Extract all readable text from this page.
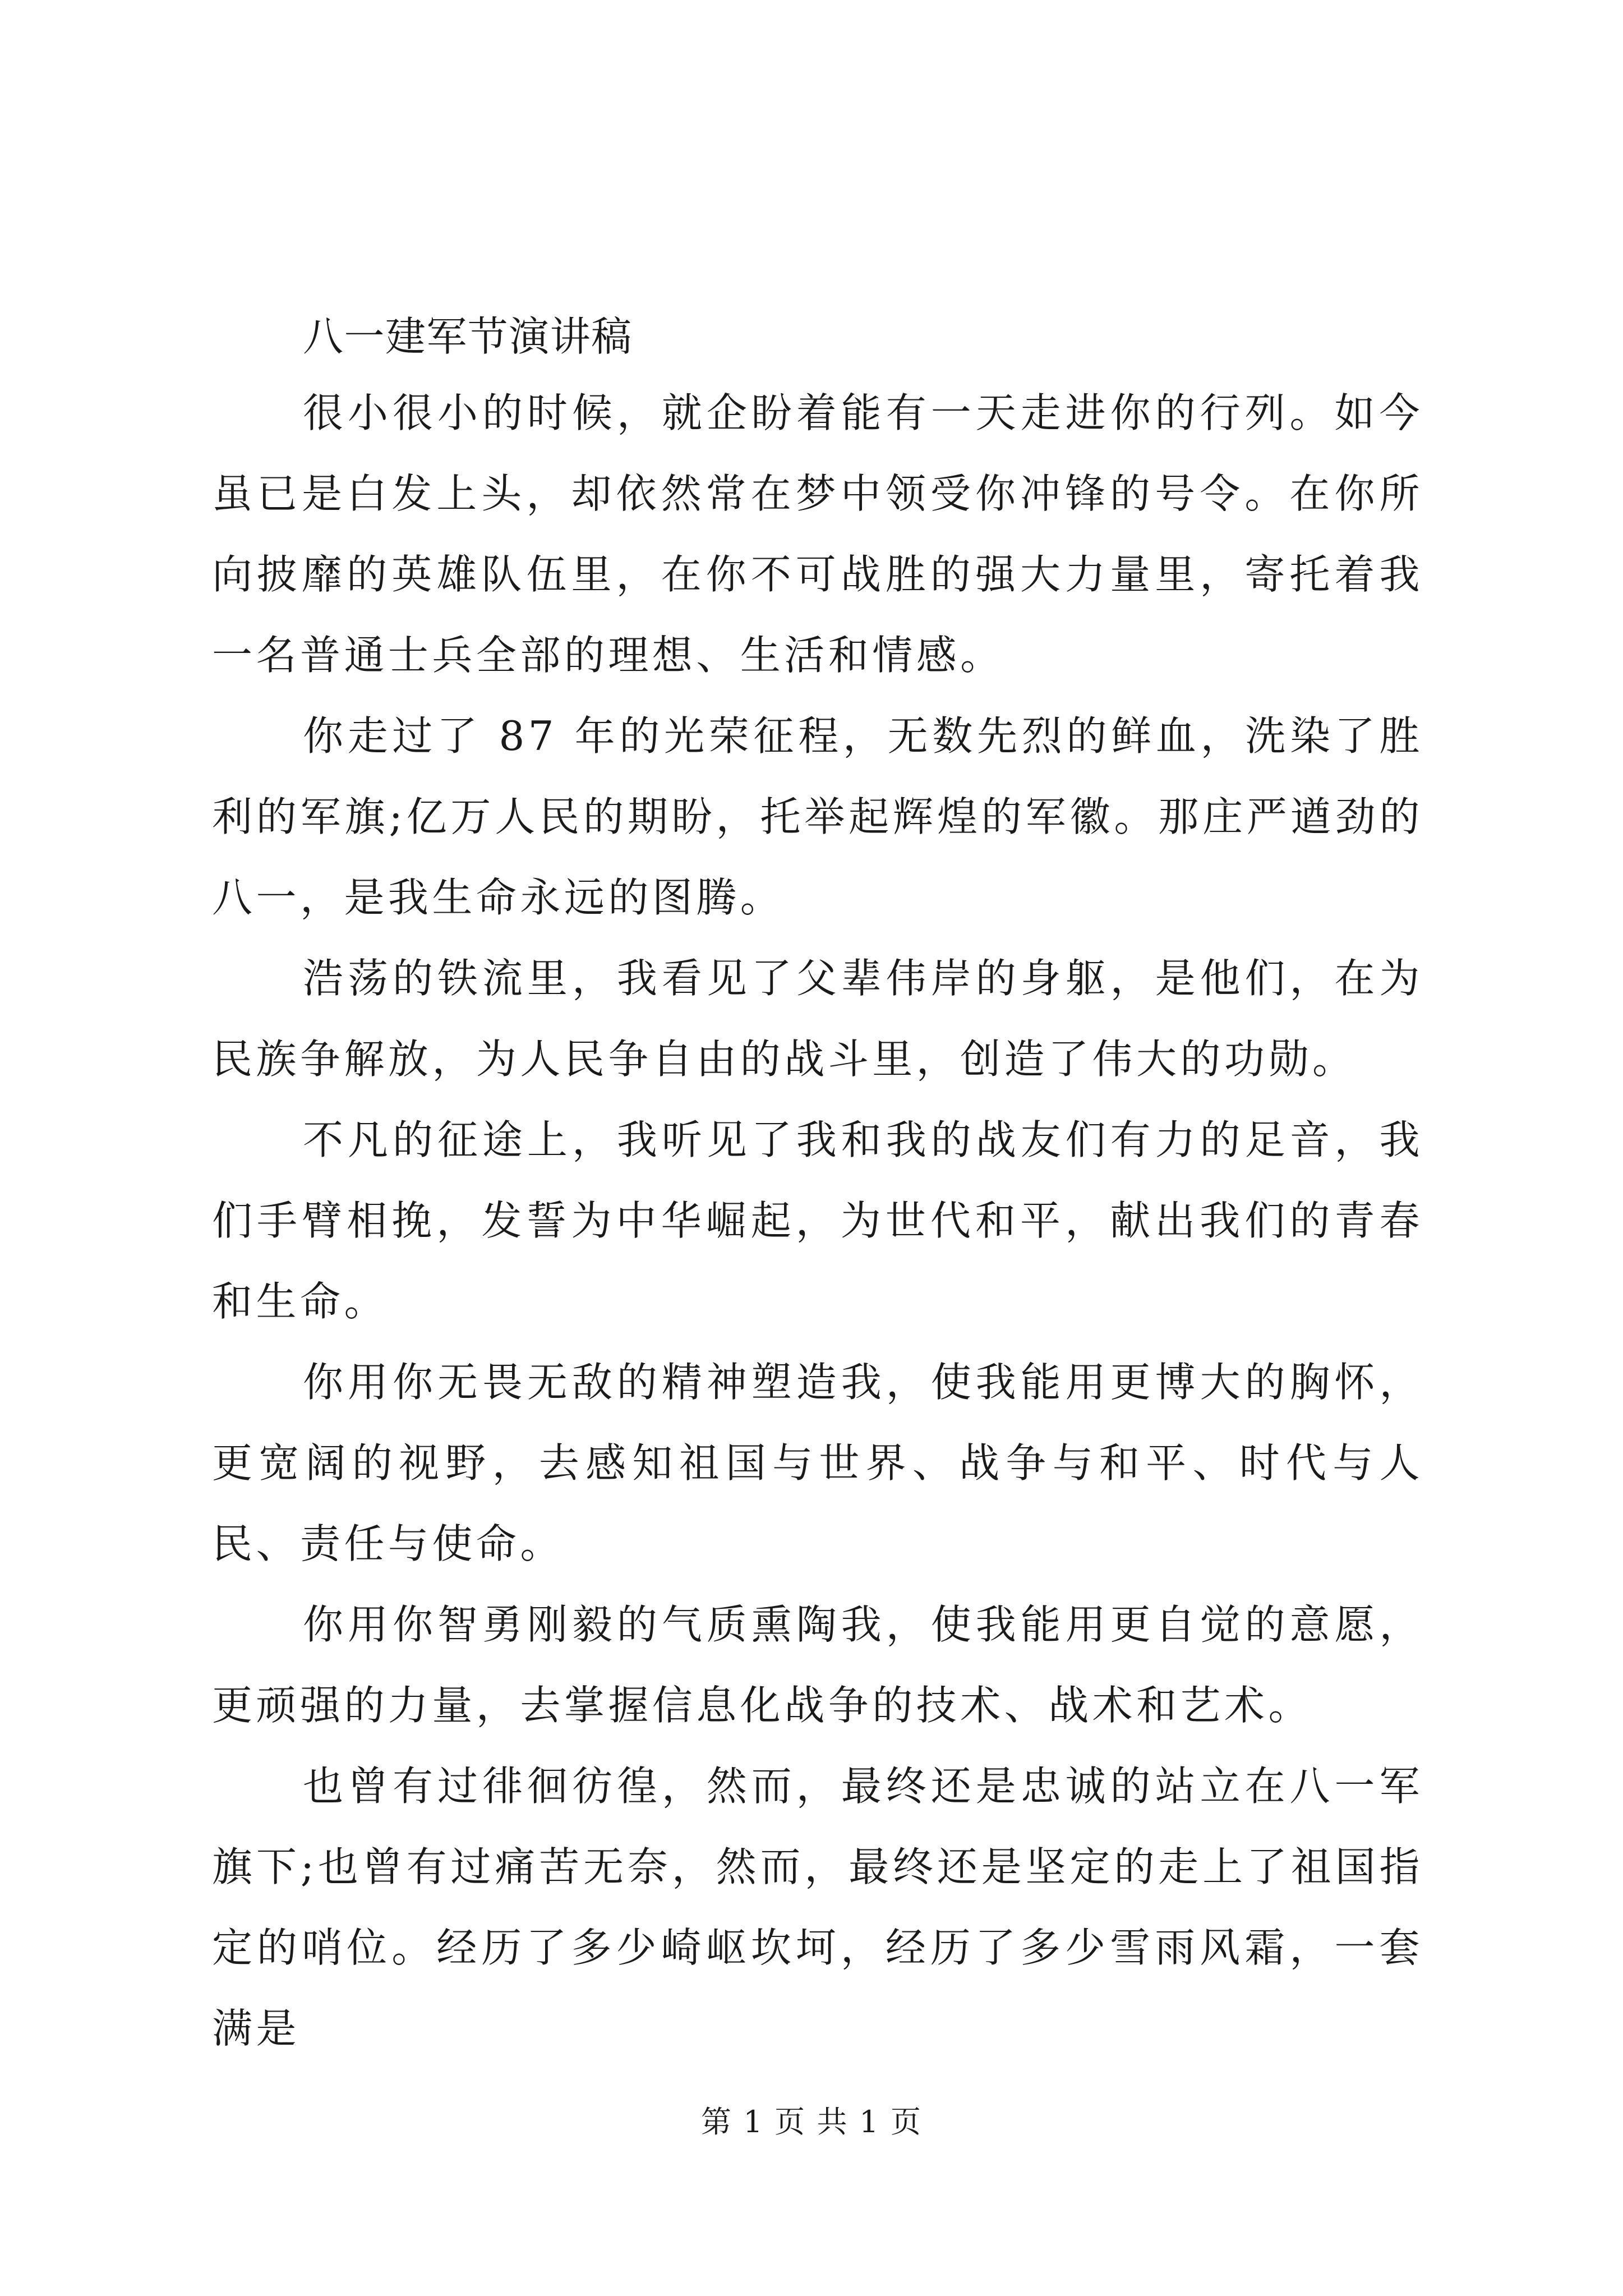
八一建军节演讲稿

很小很小的时候，就企盼着能有一天走进你的行列。如今虽已是白发上头，却依然常在梦中领受你冲锋的号令。在你所向披靡的英雄队伍里，在你不可战胜的强大力量里，寄托着我一名普通士兵全部的理想、生活和情感。

你走过了 87 年的光荣征程，无数先烈的鲜血，洗染了胜利的军旗;亿万人民的期盼，托举起辉煌的军徽。那庄严遒劲的八一，是我生命永远的图腾。

浩荡的铁流里，我看见了父辈伟岸的身躯，是他们，在为民族争解放，为人民争自由的战斗里，创造了伟大的功勋。

不凡的征途上，我听见了我和我的战友们有力的足音，我们手臂相挽，发誓为中华崛起，为世代和平，献出我们的青春和生命。

你用你无畏无敌的精神塑造我，使我能用更博大的胸怀，更宽阔的视野，去感知祖国与世界、战争与和平、时代与人民、责任与使命。

你用你智勇刚毅的气质熏陶我，使我能用更自觉的意愿，更顽强的力量，去掌握信息化战争的技术、战术和艺术。

也曾有过徘徊彷徨，然而，最终还是忠诚的站立在八一军旗下;也曾有过痛苦无奈，然而，最终还是坚定的走上了祖国指定的哨位。经历了多少崎岖坎坷，经历了多少雪雨风霜，一套满是

第 1 页 共 1 页
